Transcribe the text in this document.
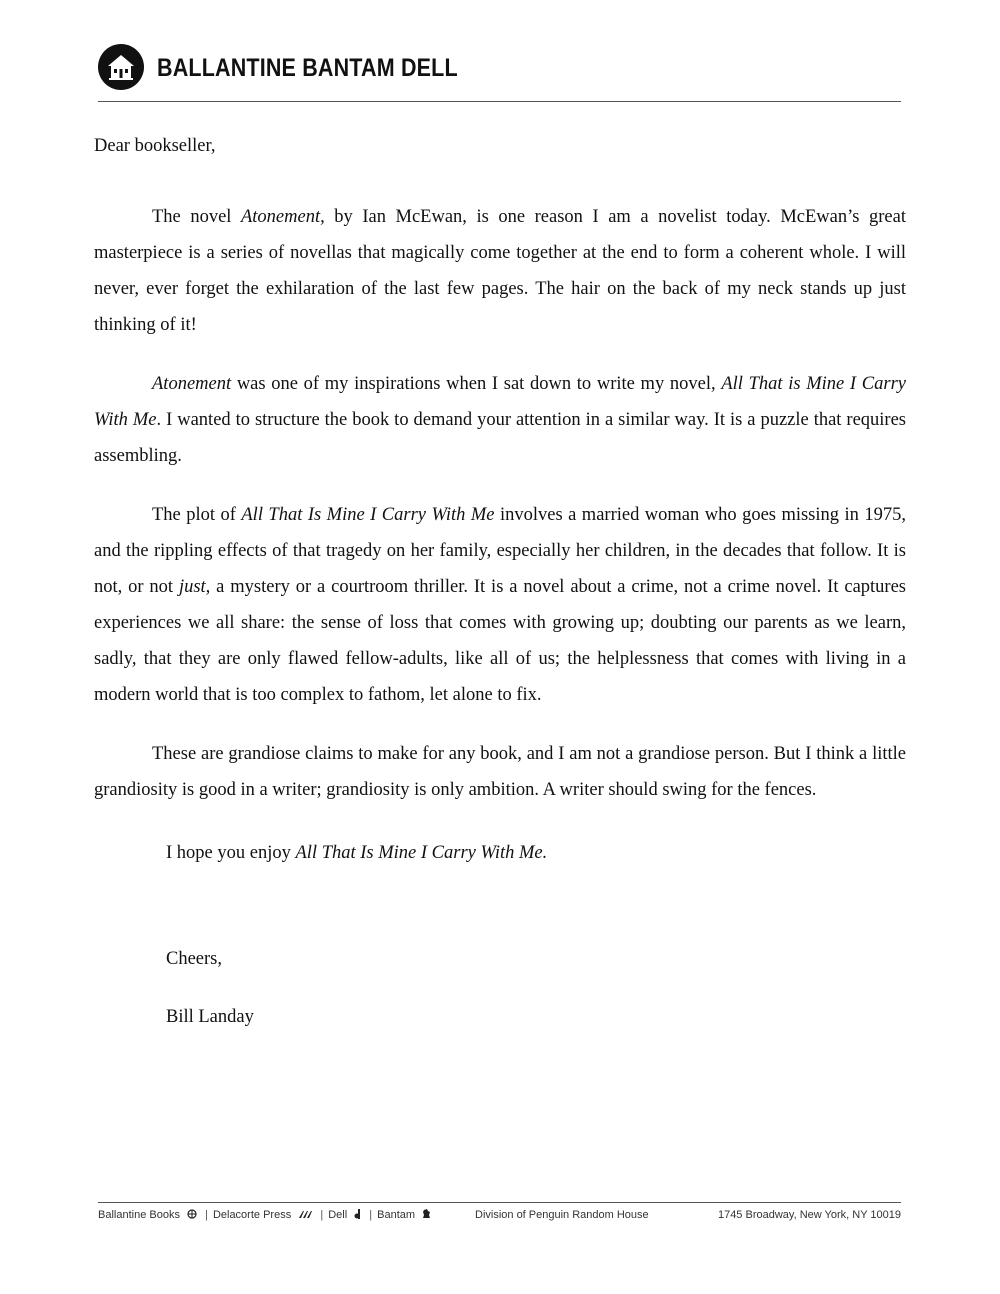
BALLANTINE BANTAM DELL

Dear bookseller,

The novel Atonement, by Ian McEwan, is one reason I am a novelist today. McEwan’s great masterpiece is a series of novellas that magically come together at the end to form a coherent whole. I will never, ever forget the exhilaration of the last few pages. The hair on the back of my neck stands up just thinking of it!

Atonement was one of my inspirations when I sat down to write my novel, All That is Mine I Carry With Me. I wanted to structure the book to demand your attention in a similar way. It is a puzzle that requires assembling.

The plot of All That Is Mine I Carry With Me involves a married woman who goes missing in 1975, and the rippling effects of that tragedy on her family, especially her children, in the decades that follow. It is not, or not just, a mystery or a courtroom thriller. It is a novel about a crime, not a crime novel. It captures experiences we all share: the sense of loss that comes with growing up; doubting our parents as we learn, sadly, that they are only flawed fellow-adults, like all of us; the helplessness that comes with living in a modern world that is too complex to fathom, let alone to fix.

These are grandiose claims to make for any book, and I am not a grandiose person. But I think a little grandiosity is good in a writer; grandiosity is only ambition. A writer should swing for the fences.

I hope you enjoy All That Is Mine I Carry With Me.

Cheers,

Bill Landay

Ballantine Books | Delacorte Press	| Dell | Bantam	Division of Penguin Random House	1745 Broadway, New York, NY 10019
